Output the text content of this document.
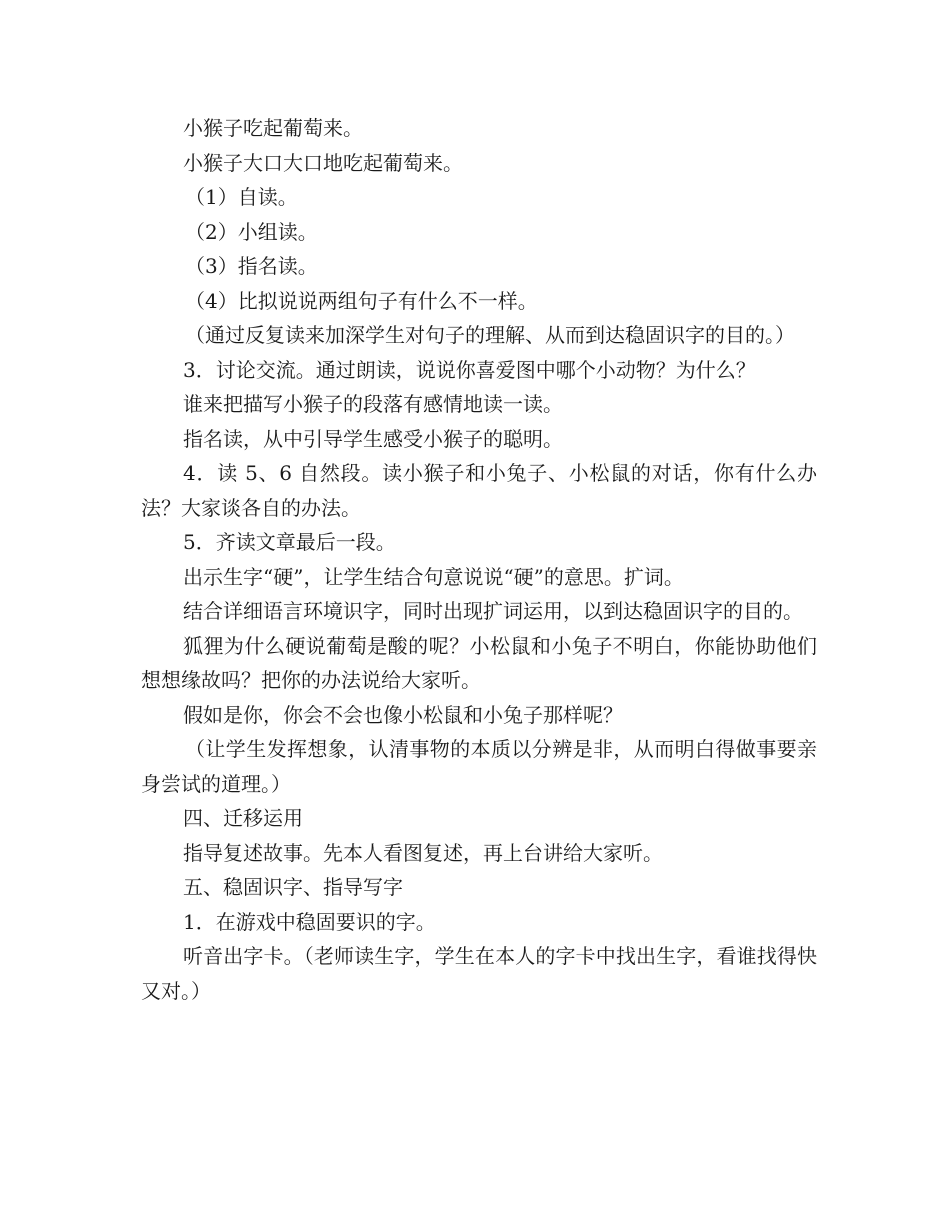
小猴子吃起葡萄来。

小猴子大口大口地吃起葡萄来。

（1）自读。

（2）小组读。

（3）指名读。

（4）比拟说说两组句子有什么不一样。

（通过反复读来加深学生对句子的理解、从而到达稳固识字的目的。）

3．讨论交流。通过朗读，说说你喜爱图中哪个小动物？为什么？

谁来把描写小猴子的段落有感情地读一读。

指名读，从中引导学生感受小猴子的聪明。

4．读 5、6 自然段。读小猴子和小兔子、小松鼠的对话，你有什么办法？大家谈各自的办法。

5．齐读文章最后一段。

出示生字“硬”，让学生结合句意说说“硬”的意思。扩词。

结合详细语言环境识字，同时出现扩词运用，以到达稳固识字的目的。

狐狸为什么硬说葡萄是酸的呢？小松鼠和小兔子不明白，你能协助他们想想缘故吗？把你的办法说给大家听。

假如是你，你会不会也像小松鼠和小兔子那样呢？

（让学生发挥想象，认清事物的本质以分辨是非，从而明白得做事要亲身尝试的道理。）

四、迁移运用

指导复述故事。先本人看图复述，再上台讲给大家听。

五、稳固识字、指导写字

1．在游戏中稳固要识的字。

听音出字卡。（老师读生字，学生在本人的字卡中找出生字，看谁找得快又对。）
